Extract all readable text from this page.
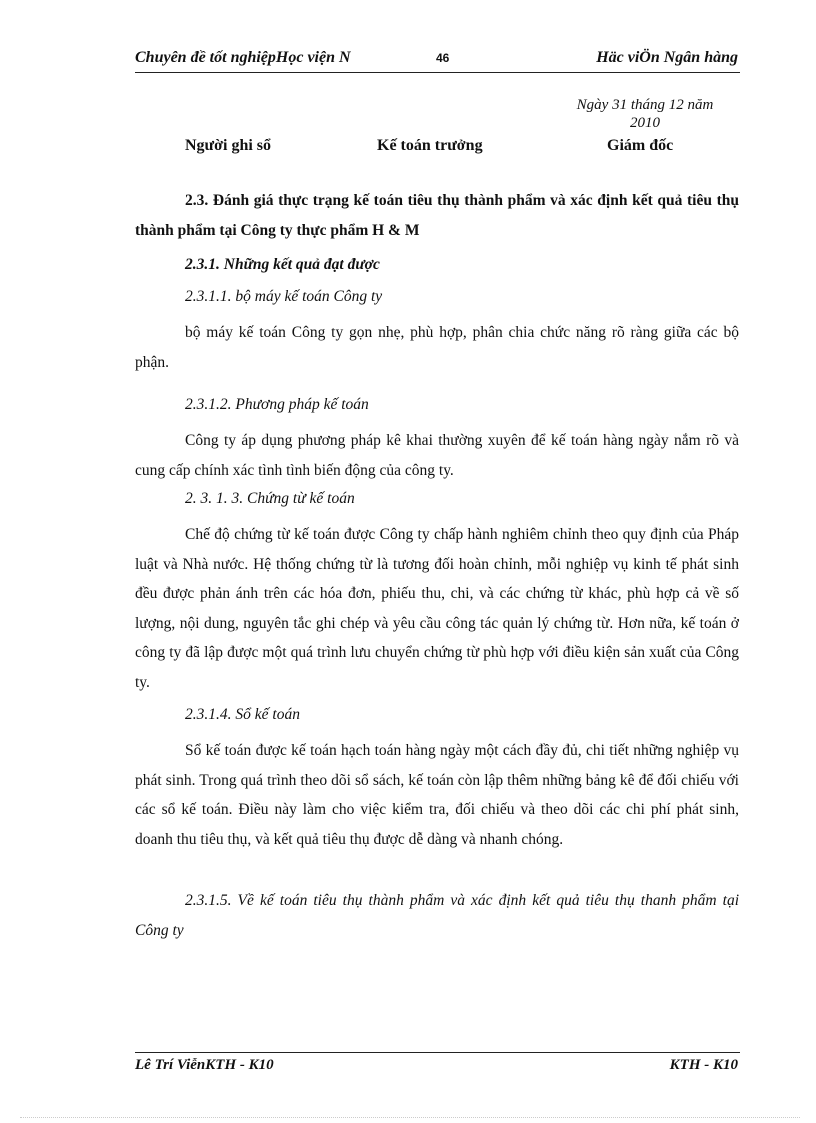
Chuyên đề tốt nghiệpHọc viện N	46	Häc viÖn Ngân hàng
Ngày 31 tháng 12 năm
2010
Người ghi sổ	Kế toán trưởng	Giám đốc
2.3. Đánh giá thực trạng kế toán tiêu thụ thành phẩm và xác định kết quả tiêu thụ thành phẩm tại Công ty thực phẩm H & M
2.3.1. Những kết quả đạt được
2.3.1.1. bộ máy kế toán Công ty
bộ máy kế toán Công ty gọn nhẹ, phù hợp, phân chia chức năng rõ ràng giữa các bộ phận.
2.3.1.2. Phương pháp kế toán
Công ty áp dụng phương pháp kê khai thường xuyên để kế toán hàng ngày nắm rõ và cung cấp chính xác tình tình biến động của công ty.
2. 3. 1. 3. Chứng từ kế toán
Chế độ chứng từ kế toán được Công ty chấp hành nghiêm chỉnh theo quy định của Pháp luật và Nhà nước. Hệ thống chứng từ là tương đối hoàn chỉnh, mỗi nghiệp vụ kinh tế phát sinh đều được phản ánh trên các hóa đơn, phiếu thu, chi, và các chứng từ khác, phù hợp cả về số lượng, nội dung, nguyên tắc ghi chép và yêu cầu công tác quản lý chứng từ. Hơn nữa, kế toán ở công ty đã lập được một quá trình lưu chuyển chứng từ phù hợp với điều kiện sản xuất của Công ty.
2.3.1.4. Sổ kế toán
Sổ kế toán được kế toán hạch toán hàng ngày một cách đầy đủ, chi tiết những nghiệp vụ phát sinh. Trong quá trình theo dõi sổ sách, kế toán còn lập thêm những bảng kê để đối chiếu với các sổ kế toán. Điều này làm cho việc kiểm tra, đối chiếu và theo dõi các chi phí phát sinh, doanh thu tiêu thụ, và kết quả tiêu thụ được dễ dàng và nhanh chóng.
2.3.1.5. Về kế toán tiêu thụ thành phẩm và xác định kết quả tiêu thụ thanh phẩm tại Công ty
Lê Trí ViễnKTH - K10	KTH - K10
